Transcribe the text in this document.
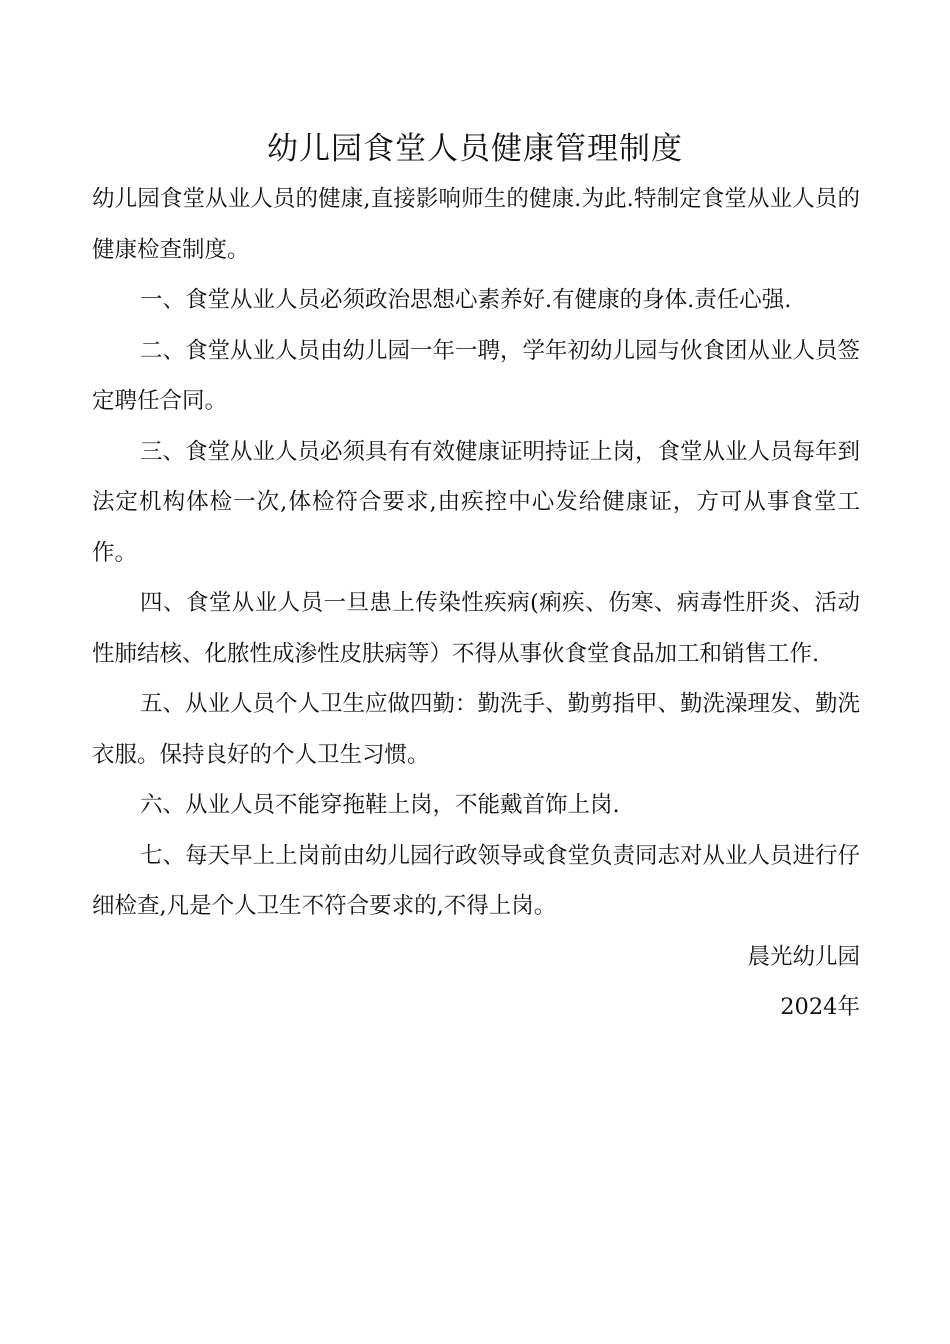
幼儿园食堂人员健康管理制度

幼儿园食堂从业人员的健康,直接影响师生的健康.为此.特制定食堂从业人员的健康检查制度。

一、食堂从业人员必须政治思想心素养好.有健康的身体.责任心强.

二、食堂从业人员由幼儿园一年一聘，学年初幼儿园与伙食团从业人员签定聘任合同。

三、食堂从业人员必须具有有效健康证明持证上岗，食堂从业人员每年到法定机构体检一次,体检符合要求,由疾控中心发给健康证，方可从事食堂工作。

四、食堂从业人员一旦患上传染性疾病(痢疾、伤寒、病毒性肝炎、活动性肺结核、化脓性成渗性皮肤病等）不得从事伙食堂食品加工和销售工作.

五、从业人员个人卫生应做四勤：勤洗手、勤剪指甲、勤洗澡理发、勤洗衣服。保持良好的个人卫生习惯。

六、从业人员不能穿拖鞋上岗，不能戴首饰上岗.

七、每天早上上岗前由幼儿园行政领导或食堂负责同志对从业人员进行仔细检查,凡是个人卫生不符合要求的,不得上岗。

晨光幼儿园

2024年
